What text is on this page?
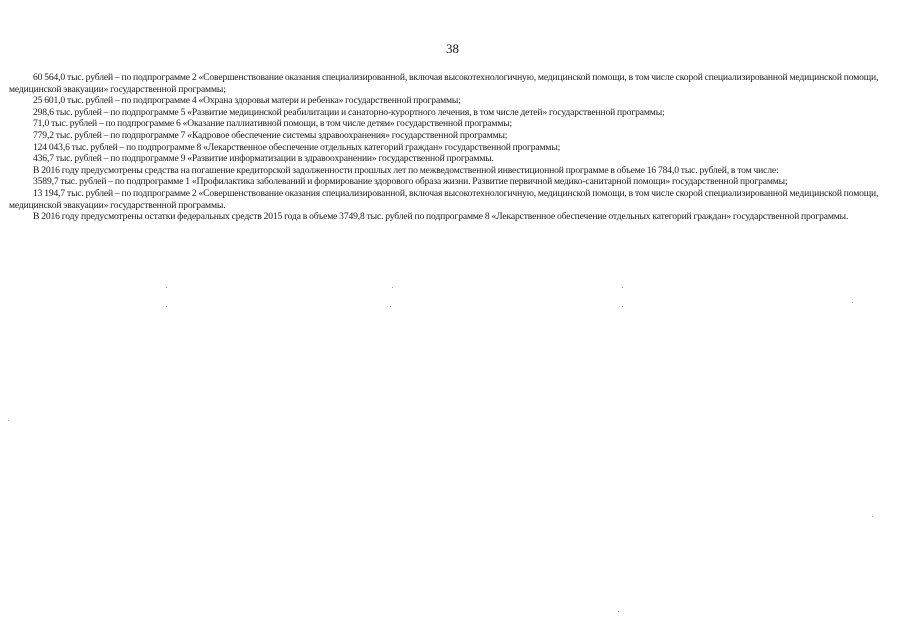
38

60 564,0 тыс. рублей – по подпрограмме 2 «Совершенствование оказания специализированной, включая высокотехнологичную, медицинской помощи, в том числе скорой специализированной медицинской помощи, медицинской эвакуации» государственной программы;

25 601,0 тыс. рублей – по подпрограмме 4 «Охрана здоровья матери и ребенка» государственной программы;

298,6 тыс. рублей – по подпрограмме 5 «Развитие медицинской реабилитации и санаторно-курортного лечения, в том числе детей» государственной программы;

71,0 тыс. рублей – по подпрограмме 6 «Оказание паллиативной помощи, в том числе детям» государственной программы;

779,2 тыс. рублей – по подпрограмме 7 «Кадровое обеспечение системы здравоохранения» государственной программы;

124 043,6 тыс. рублей – по подпрограмме 8 «Лекарственное обеспечение отдельных категорий граждан» государственной программы;

436,7 тыс. рублей – по подпрограмме 9 «Развитие информатизации в здравоохранении» государственной программы.

В 2016 году предусмотрены средства на погашение кредиторской задолженности прошлых лет по межведомственной инвестиционной программе в объеме 16 784,0 тыс. рублей, в том числе:

3589,7 тыс. рублей – по подпрограмме 1 «Профилактика заболеваний и формирование здорового образа жизни. Развитие первичной медико-санитарной помощи» государственной программы;

13 194,7 тыс. рублей – по подпрограмме 2 «Совершенствование оказания специализированной, включая высокотехнологичную, медицинской помощи, в том числе скорой специализированной медицинской помощи, медицинской эвакуации» государственной программы.

В 2016 году предусмотрены остатки федеральных средств 2015 года в объеме 3749,8 тыс. рублей по подпрограмме 8 «Лекарственное обеспечение отдельных категорий граждан» государственной программы.
